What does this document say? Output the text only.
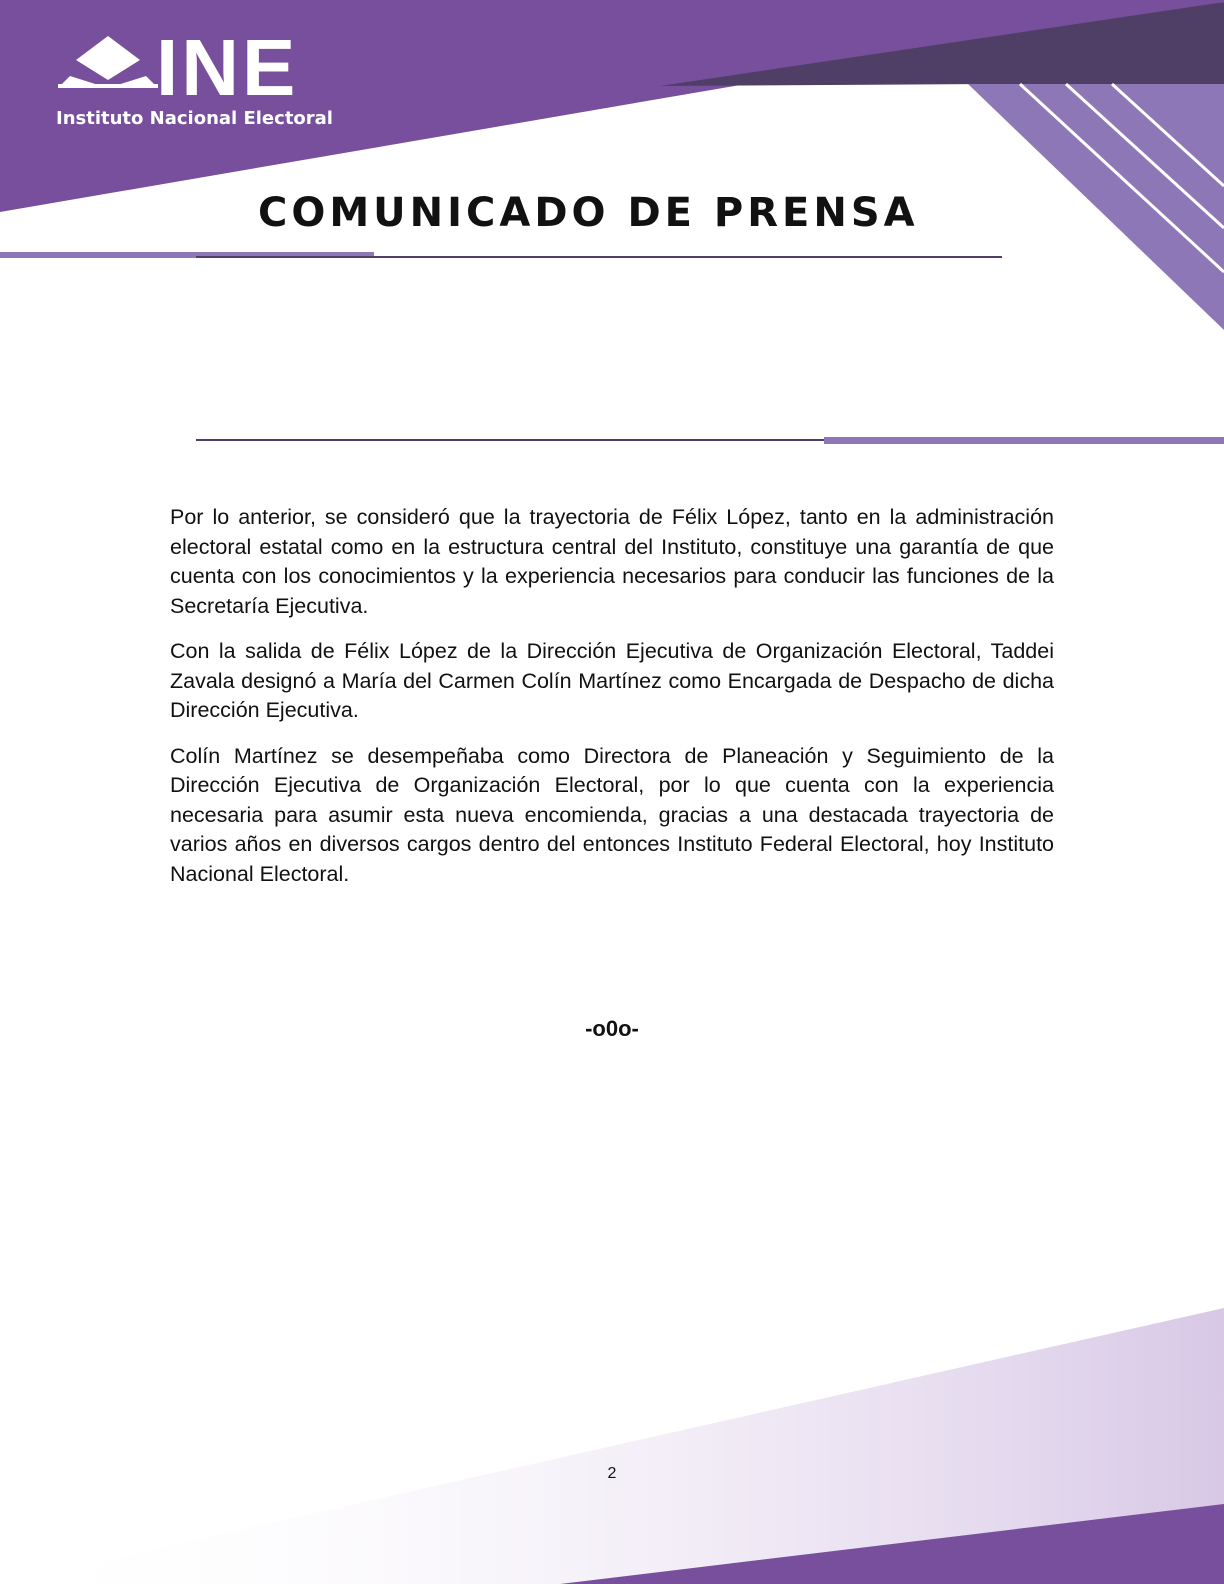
INE
Instituto Nacional Electoral
COMUNICADO DE PRENSA

Por lo anterior, se consideró que la trayectoria de Félix López, tanto en la administración electoral estatal como en la estructura central del Instituto, constituye una garantía de que cuenta con los conocimientos y la experiencia necesarios para conducir las funciones de la Secretaría Ejecutiva.

Con la salida de Félix López de la Dirección Ejecutiva de Organización Electoral, Taddei Zavala designó a María del Carmen Colín Martínez como Encargada de Despacho de dicha Dirección Ejecutiva.

Colín Martínez se desempeñaba como Directora de Planeación y Seguimiento de la Dirección Ejecutiva de Organización Electoral, por lo que cuenta con la experiencia necesaria para asumir esta nueva encomienda, gracias a una destacada trayectoria de varios años en diversos cargos dentro del entonces Instituto Federal Electoral, hoy Instituto Nacional Electoral.

-o0o-
2
